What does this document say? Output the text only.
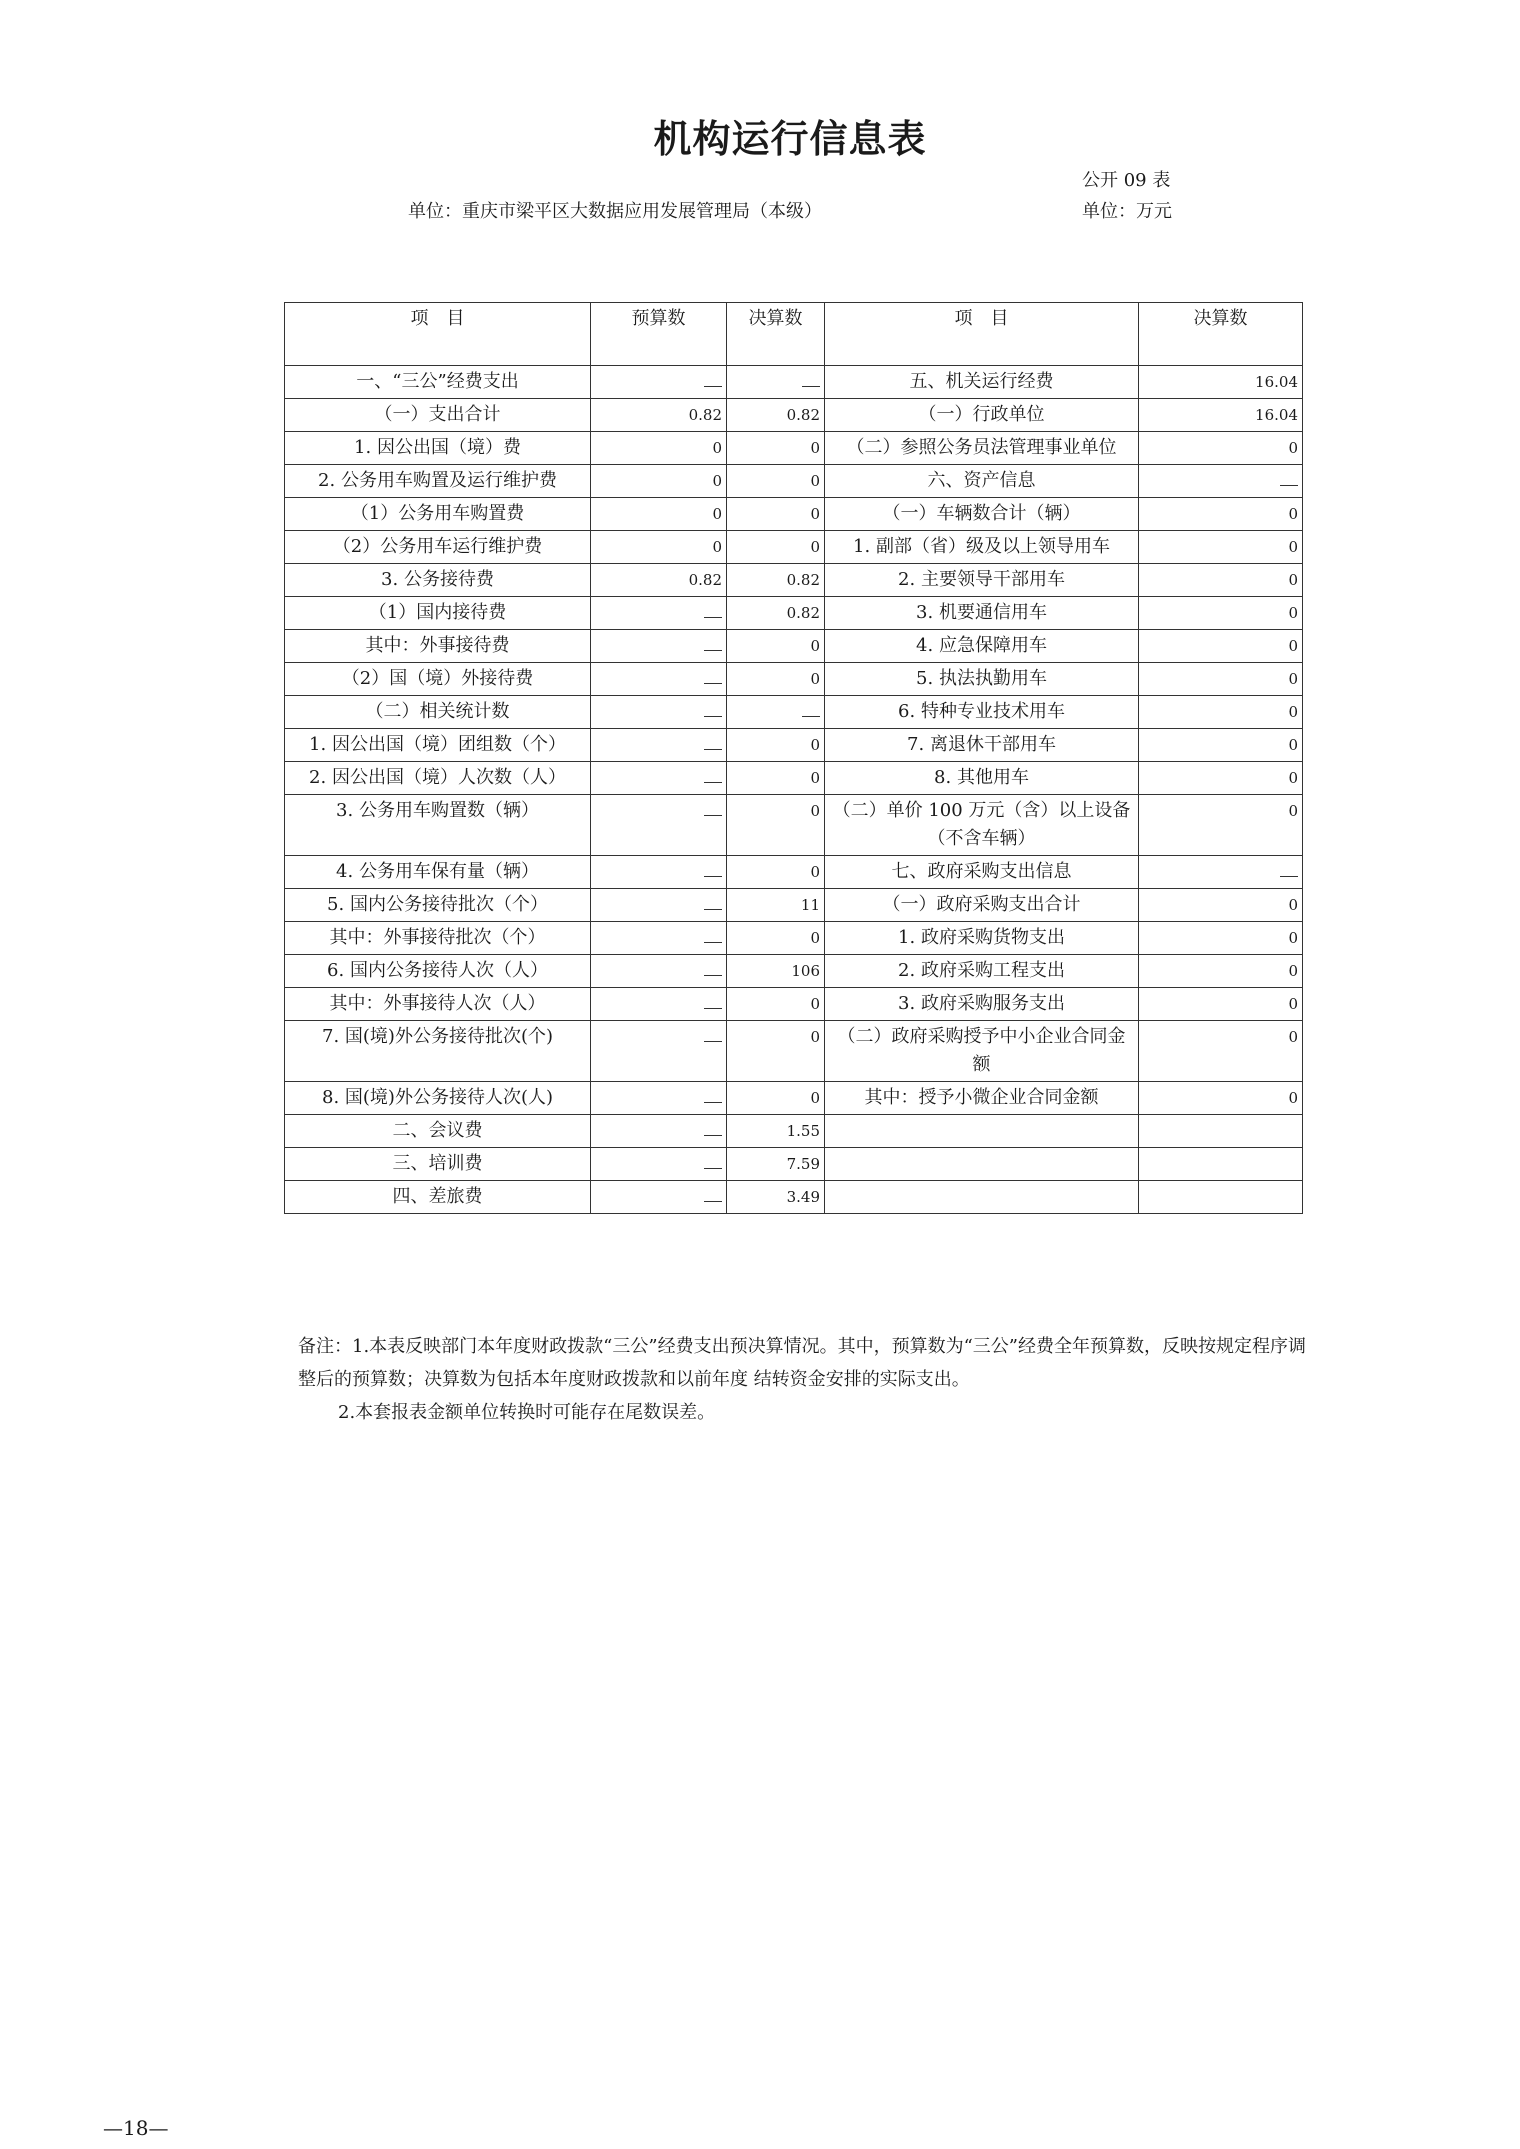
机构运行信息表
公开 09 表
单位：重庆市梁平区大数据应用发展管理局（本级）	单位：万元
项　目	预算数	决算数	项　目	决算数
一、“三公”经费支出			五、机关运行经费	16.04
（一）支出合计	0.82	0.82	（一）行政单位	16.04
1. 因公出国（境）费	0	0	（二）参照公务员法管理事业单位	0
2. 公务用车购置及运行维护费	0	0	六、资产信息	
（1）公务用车购置费	0	0	（一）车辆数合计（辆）	0
（2）公务用车运行维护费	0	0	1. 副部（省）级及以上领导用车	0
3. 公务接待费	0.82	0.82	2. 主要领导干部用车	0
（1）国内接待费		0.82	3. 机要通信用车	0
其中：外事接待费		0	4. 应急保障用车	0
（2）国（境）外接待费		0	5. 执法执勤用车	0
（二）相关统计数			6. 特种专业技术用车	0
1. 因公出国（境）团组数（个）		0	7. 离退休干部用车	0
2. 因公出国（境）人次数（人）		0	8. 其他用车	0
3. 公务用车购置数（辆）		0	（二）单价 100 万元（含）以上设备（不含车辆）	0
4. 公务用车保有量（辆）		0	七、政府采购支出信息	
5. 国内公务接待批次（个）		11	（一）政府采购支出合计	0
其中：外事接待批次（个）		0	1. 政府采购货物支出	0
6. 国内公务接待人次（人）		106	2. 政府采购工程支出	0
其中：外事接待人次（人）		0	3. 政府采购服务支出	0
7. 国(境)外公务接待批次(个)		0	（二）政府采购授予中小企业合同金额	0
8. 国(境)外公务接待人次(人)		0	其中：授予小微企业合同金额	0
二、会议费		1.55		
三、培训费		7.59		
四、差旅费		3.49		
备注：1.本表反映部门本年度财政拨款“三公”经费支出预决算情况。其中，预算数为“三公”经费全年预算数，反映按规定程序调整后的预算数；决算数为包括本年度财政拨款和以前年度 结转资金安排的实际支出。
2.本套报表金额单位转换时可能存在尾数误差。
—18—
